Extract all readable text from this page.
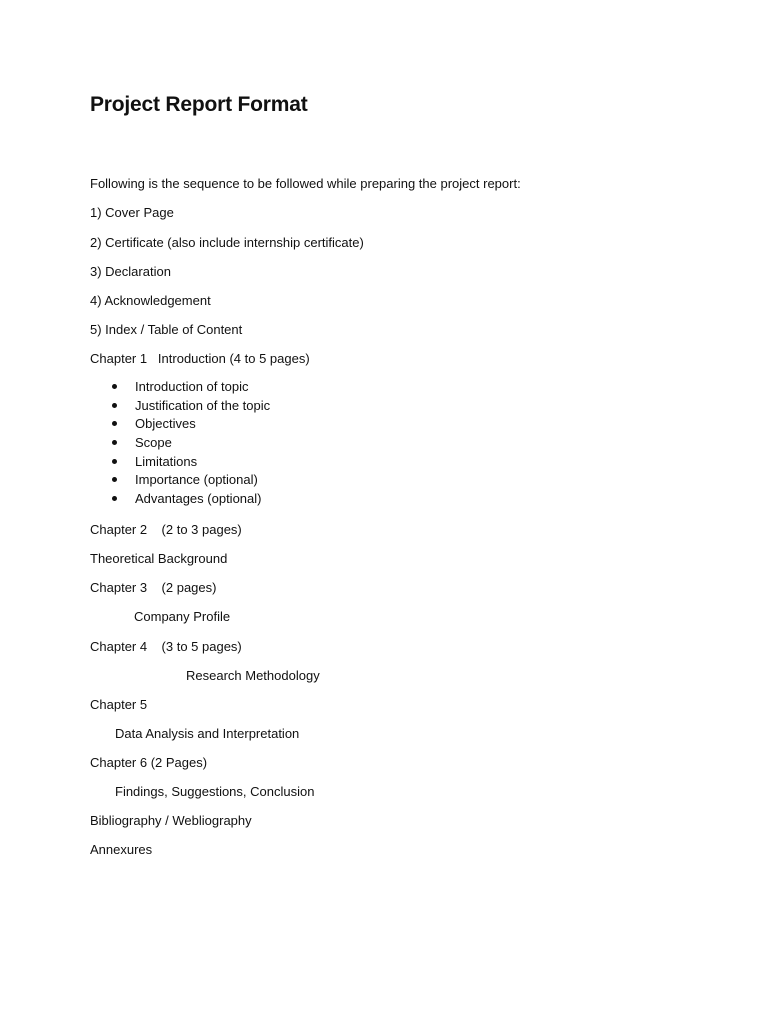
Project Report Format
Following is the sequence to be followed while preparing the project report:
1) Cover Page
2) Certificate (also include internship certificate)
3) Declaration
4) Acknowledgement
5) Index / Table of Content
Chapter 1   Introduction (4 to 5 pages)
Introduction of topic
Justification of the topic
Objectives
Scope
Limitations
Importance (optional)
Advantages (optional)
Chapter 2    (2 to 3 pages)
Theoretical Background
Chapter 3    (2 pages)
Company Profile
Chapter 4    (3 to 5 pages)
Research Methodology
Chapter 5
Data Analysis and Interpretation
Chapter 6 (2 Pages)
Findings, Suggestions, Conclusion
Bibliography / Webliography
Annexures
